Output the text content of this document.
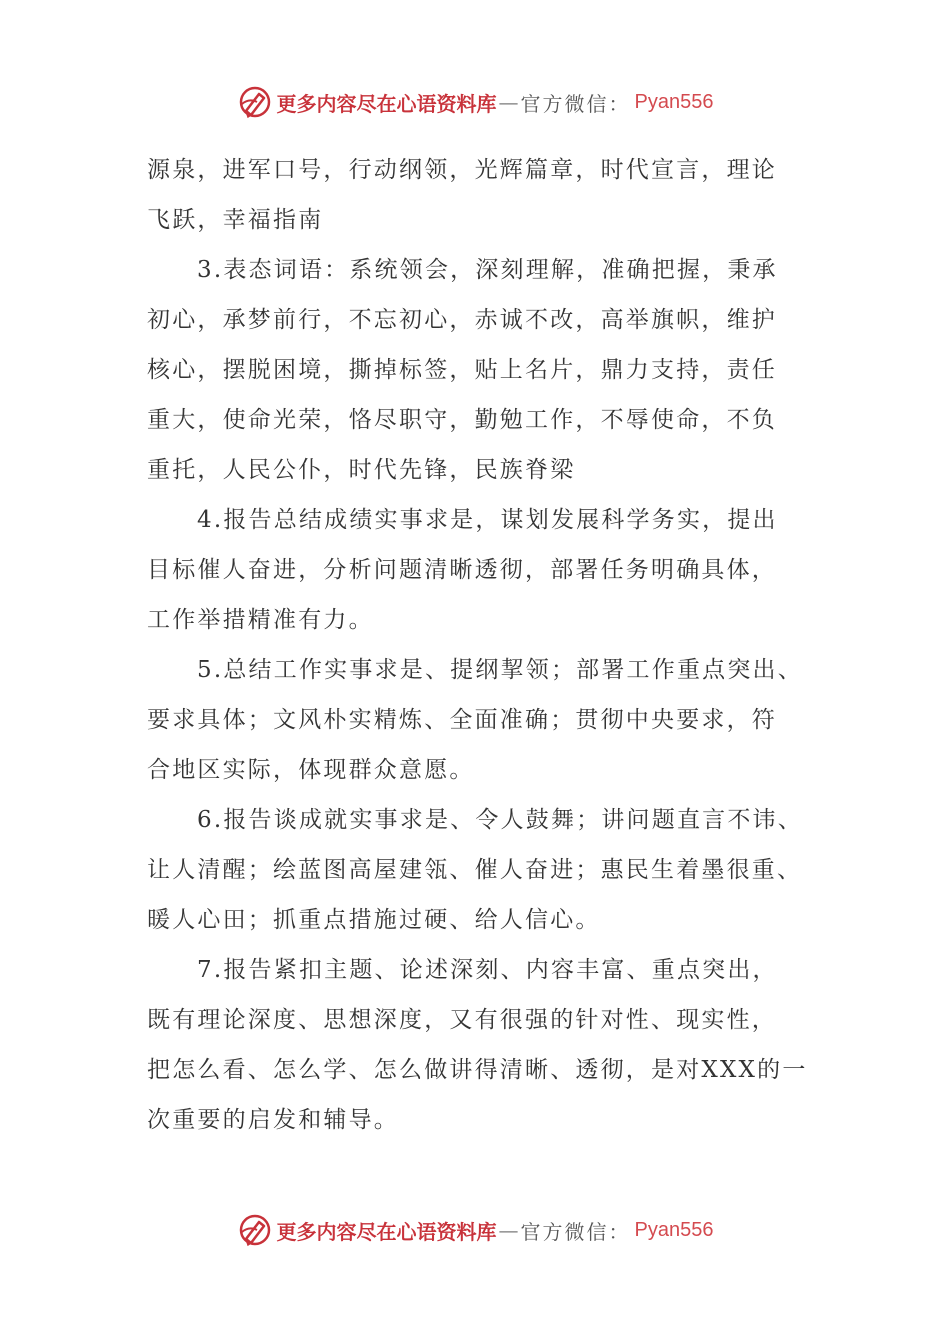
更多内容尽在心语资料库 — 官方微信： Pyan556
源泉，进军口号，行动纲领，光辉篇章，时代宣言，理论
飞跃，幸福指南
3.表态词语：系统领会，深刻理解，准确把握，秉承
初心，承梦前行，不忘初心，赤诚不改，高举旗帜，维护
核心，摆脱困境，撕掉标签，贴上名片，鼎力支持，责任
重大，使命光荣，恪尽职守，勤勉工作，不辱使命，不负
重托，人民公仆，时代先锋，民族脊梁
4.报告总结成绩实事求是，谋划发展科学务实，提出
目标催人奋进，分析问题清晰透彻，部署任务明确具体，
工作举措精准有力。
5.总结工作实事求是、提纲挈领；部署工作重点突出、
要求具体；文风朴实精炼、全面准确；贯彻中央要求，符
合地区实际，体现群众意愿。
6.报告谈成就实事求是、令人鼓舞；讲问题直言不讳、
让人清醒；绘蓝图高屋建瓴、催人奋进；惠民生着墨很重、
暖人心田；抓重点措施过硬、给人信心。
7.报告紧扣主题、论述深刻、内容丰富、重点突出，
既有理论深度、思想深度，又有很强的针对性、现实性，
把怎么看、怎么学、怎么做讲得清晰、透彻，是对XXX的一
次重要的启发和辅导。
更多内容尽在心语资料库 — 官方微信： Pyan556
